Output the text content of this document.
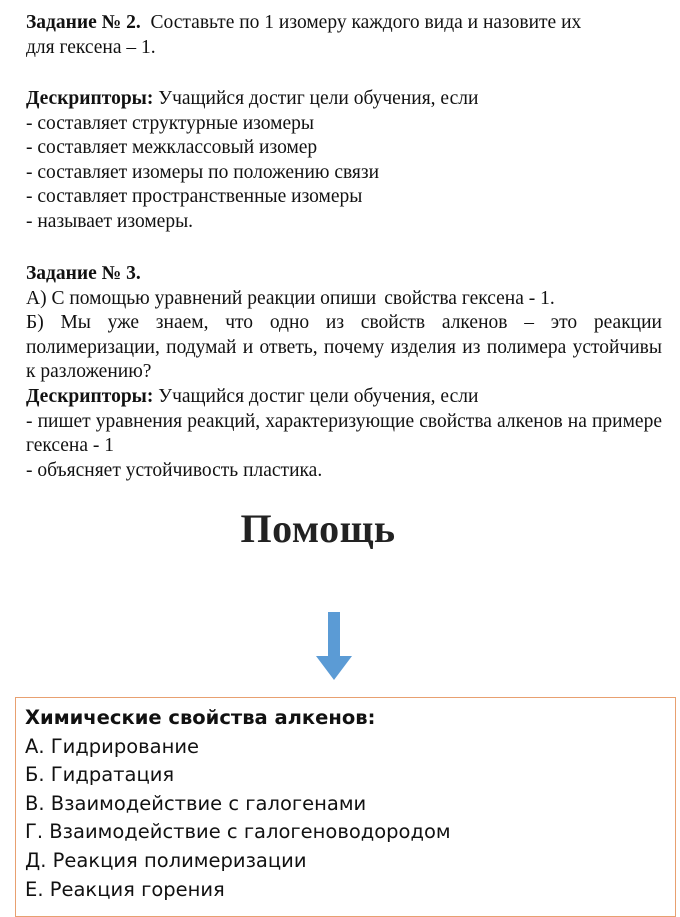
Задание № 2. Составьте по 1 изомеру каждого вида и назовите их

для гексена – 1.

Дескрипторы: Учащийся достиг цели обучения, если

- составляет структурные изомеры

- составляет межклассовый изомер

- составляет изомеры по положению связи

- составляет пространственные изомеры

- называет изомеры.

Задание № 3.

А) С помощью уравнений реакции опиши свойства гексена - 1.

Б) Мы уже знаем, что одно из свойств алкенов – это реакции полимеризации, подумай и ответь, почему изделия из полимера устойчивы к разложению?

Дескрипторы: Учащийся достиг цели обучения, если

- пишет уравнения реакций, характеризующие свойства алкенов на примере гексена - 1

- объясняет устойчивость пластика.

Помощь
Химические свойства алкенов:
А. Гидрирование
Б. Гидратация
В. Взаимодействие с галогенами
Г. Взаимодействие с галогеноводородом
Д. Реакция полимеризации
Е. Реакция горения
